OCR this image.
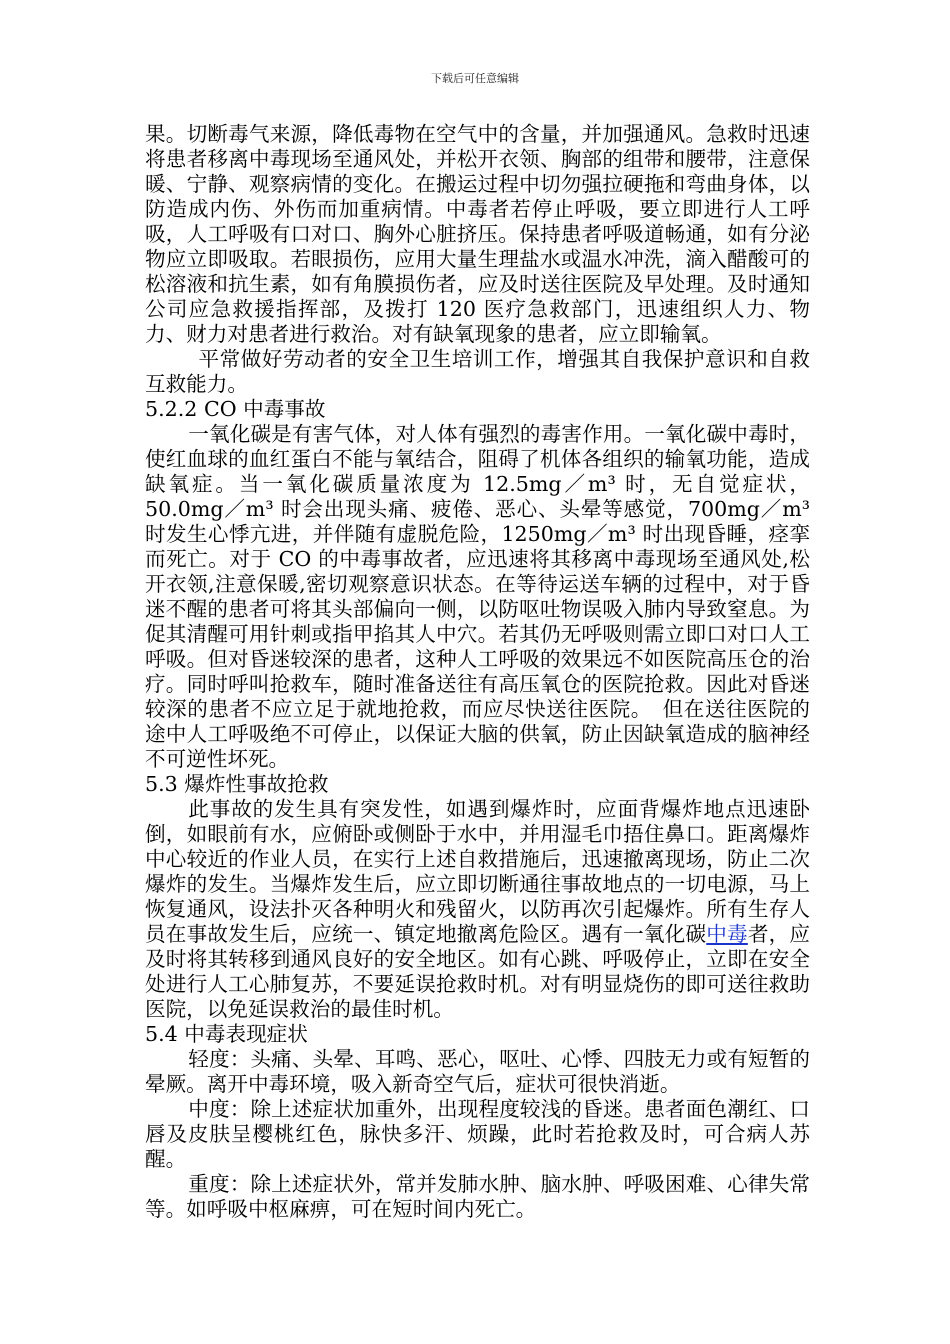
下载后可任意编辑

果。切断毒气来源，降低毒物在空气中的含量，并加强通风。急救时迅速将患者移离中毒现场至通风处，并松开衣领、胸部的组带和腰带，注意保暖、宁静、观察病情的变化。在搬运过程中切勿强拉硬拖和弯曲身体，以防造成内伤、外伤而加重病情。中毒者若停止呼吸，要立即进行人工呼吸，人工呼吸有口对口、胸外心脏挤压。保持患者呼吸道畅通，如有分泌物应立即吸取。若眼损伤，应用大量生理盐水或温水冲洗，滴入醋酸可的松溶液和抗生素，如有角膜损伤者，应及时送往医院及早处理。及时通知公司应急救援指挥部，及拨打 120 医疗急救部门，迅速组织人力、物力、财力对患者进行救治。对有缺氧现象的患者，应立即输氧。

平常做好劳动者的安全卫生培训工作，增强其自我保护意识和自救互救能力。

5.2.2 CO 中毒事故

一氧化碳是有害气体，对人体有强烈的毒害作用。一氧化碳中毒时，使红血球的血红蛋白不能与氧结合，阻碍了机体各组织的输氧功能，造成缺氧症。当一氧化碳质量浓度为 12.5mg／m³ 时，无自觉症状， 50.0mg／m³ 时会出现头痛、疲倦、恶心、头晕等感觉，700mg／m³ 时发生心悸亢进，并伴随有虚脱危险，1250mg／m³ 时出现昏睡，痉挛而死亡。对于 CO 的中毒事故者，应迅速将其移离中毒现场至通风处,松开衣领,注意保暖,密切观察意识状态。在等待运送车辆的过程中，对于昏迷不醒的患者可将其头部偏向一侧，以防呕吐物误吸入肺内导致窒息。为促其清醒可用针刺或指甲掐其人中穴。若其仍无呼吸则需立即口对口人工呼吸。但对昏迷较深的患者，这种人工呼吸的效果远不如医院高压仓的治疗。同时呼叫抢救车，随时准备送往有高压氧仓的医院抢救。因此对昏迷较深的患者不应立足于就地抢救，而应尽快送往医院。　但在送往医院的途中人工呼吸绝不可停止，以保证大脑的供氧，防止因缺氧造成的脑神经不可逆性坏死。

5.3 爆炸性事故抢救

此事故的发生具有突发性，如遇到爆炸时，应面背爆炸地点迅速卧倒，如眼前有水，应俯卧或侧卧于水中，并用湿毛巾捂住鼻口。距离爆炸中心较近的作业人员，在实行上述自救措施后，迅速撤离现场，防止二次爆炸的发生。当爆炸发生后，应立即切断通往事故地点的一切电源，马上恢复通风，设法扑灭各种明火和残留火，以防再次引起爆炸。所有生存人员在事故发生后，应统一、镇定地撤离危险区。遇有一氧化碳中毒者，应及时将其转移到通风良好的安全地区。如有心跳、呼吸停止，立即在安全处进行人工心肺复苏，不要延误抢救时机。对有明显烧伤的即可送往救助医院，以免延误救治的最佳时机。

5.4 中毒表现症状

轻度：头痛、头晕、耳鸣、恶心，呕吐、心悸、四肢无力或有短暂的晕厥。离开中毒环境，吸入新奇空气后，症状可很快消逝。

中度：除上述症状加重外，出现程度较浅的昏迷。患者面色潮红、口唇及皮肤呈樱桃红色，脉快多汗、烦躁，此时若抢救及时，可合病人苏醒。

重度：除上述症状外，常并发肺水肿、脑水肿、呼吸困难、心律失常等。如呼吸中枢麻痹，可在短时间内死亡。
